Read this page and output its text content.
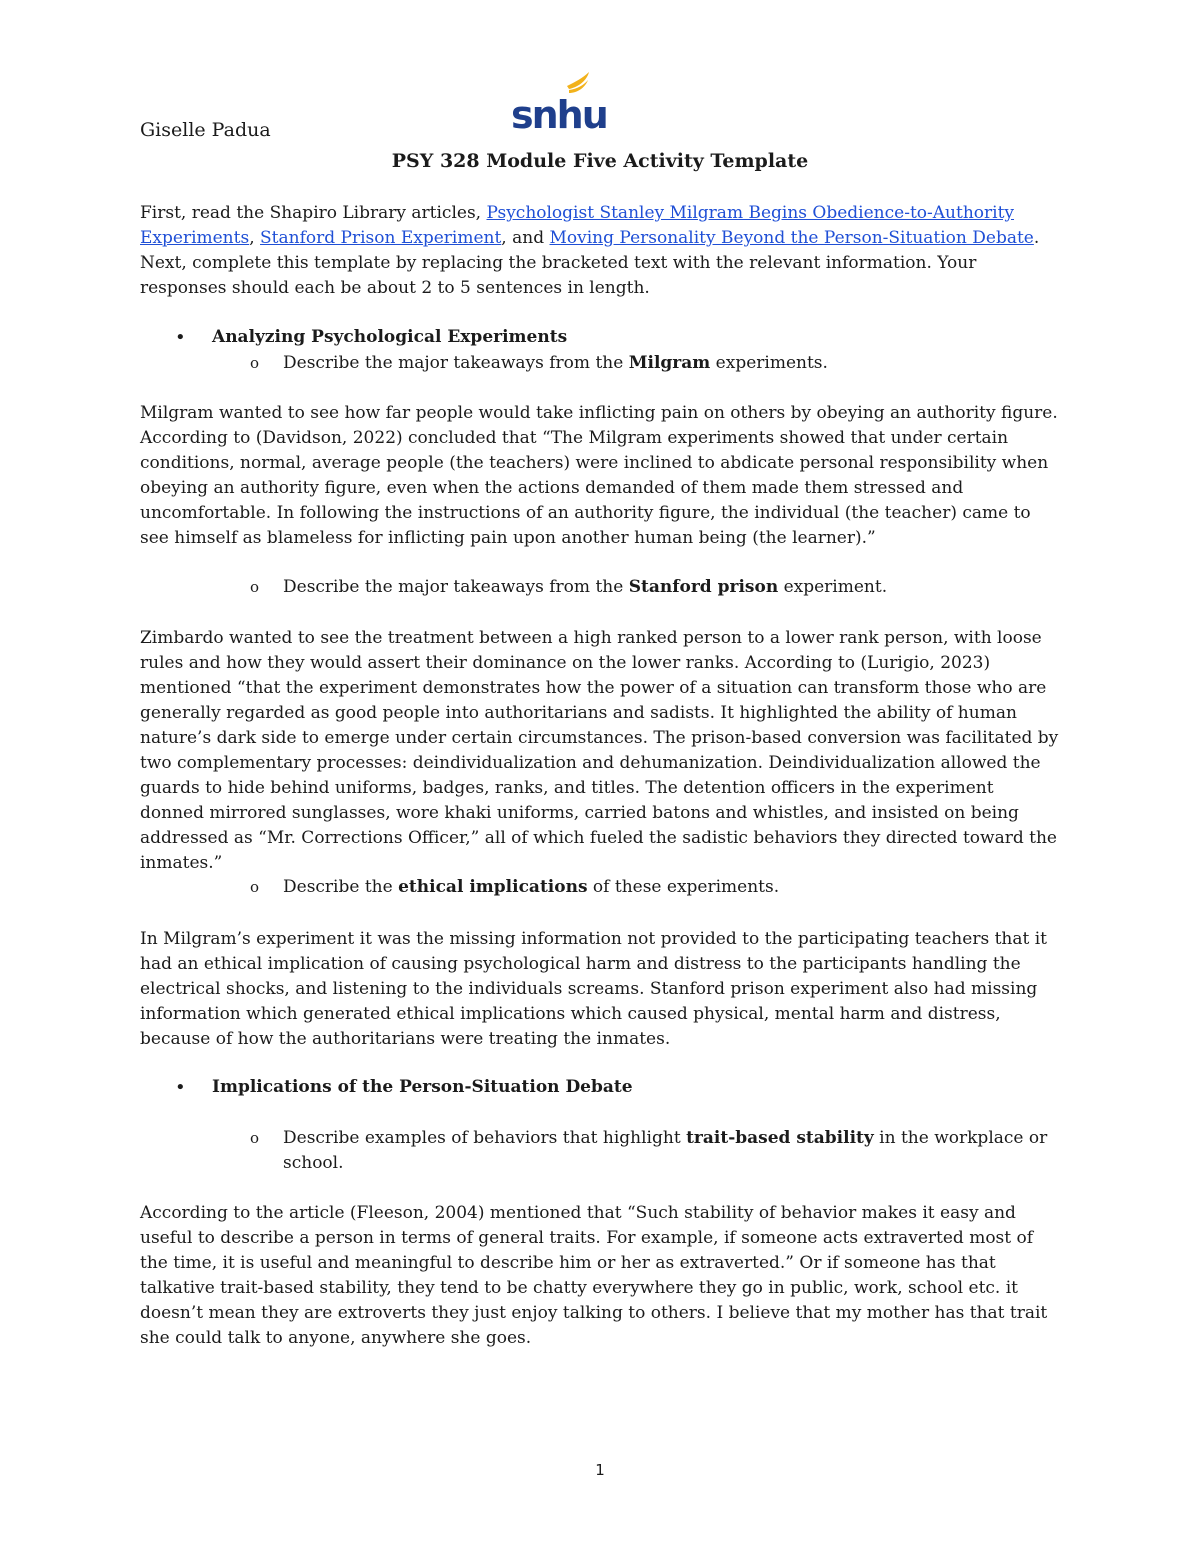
Giselle Padua	snhu
PSY 328 Module Five Activity Template
First, read the Shapiro Library articles, Psychologist Stanley Milgram Begins Obedience-to-Authority Experiments, Stanford Prison Experiment, and Moving Personality Beyond the Person-Situation Debate. Next, complete this template by replacing the bracketed text with the relevant information. Your responses should each be about 2 to 5 sentences in length.
• Analyzing Psychological Experiments
o Describe the major takeaways from the Milgram experiments.
Milgram wanted to see how far people would take inflicting pain on others by obeying an authority figure. According to (Davidson, 2022) concluded that “The Milgram experiments showed that under certain conditions, normal, average people (the teachers) were inclined to abdicate personal responsibility when obeying an authority figure, even when the actions demanded of them made them stressed and uncomfortable. In following the instructions of an authority figure, the individual (the teacher) came to see himself as blameless for inflicting pain upon another human being (the learner).”
o Describe the major takeaways from the Stanford prison experiment.
Zimbardo wanted to see the treatment between a high ranked person to a lower rank person, with loose rules and how they would assert their dominance on the lower ranks. According to (Lurigio, 2023) mentioned “that the experiment demonstrates how the power of a situation can transform those who are generally regarded as good people into authoritarians and sadists. It highlighted the ability of human nature’s dark side to emerge under certain circumstances. The prison-based conversion was facilitated by two complementary processes: deindividualization and dehumanization. Deindividualization allowed the guards to hide behind uniforms, badges, ranks, and titles. The detention officers in the experiment donned mirrored sunglasses, wore khaki uniforms, carried batons and whistles, and insisted on being addressed as “Mr. Corrections Officer,” all of which fueled the sadistic behaviors they directed toward the inmates.”
o Describe the ethical implications of these experiments.
In Milgram’s experiment it was the missing information not provided to the participating teachers that it had an ethical implication of causing psychological harm and distress to the participants handling the electrical shocks, and listening to the individuals screams. Stanford prison experiment also had missing information which generated ethical implications which caused physical, mental harm and distress, because of how the authoritarians were treating the inmates.
• Implications of the Person-Situation Debate
o Describe examples of behaviors that highlight trait-based stability in the workplace or school.
According to the article (Fleeson, 2004) mentioned that “Such stability of behavior makes it easy and useful to describe a person in terms of general traits. For example, if someone acts extraverted most of the time, it is useful and meaningful to describe him or her as extraverted.” Or if someone has that talkative trait-based stability, they tend to be chatty everywhere they go in public, work, school etc. it doesn’t mean they are extroverts they just enjoy talking to others. I believe that my mother has that trait she could talk to anyone, anywhere she goes.
1
